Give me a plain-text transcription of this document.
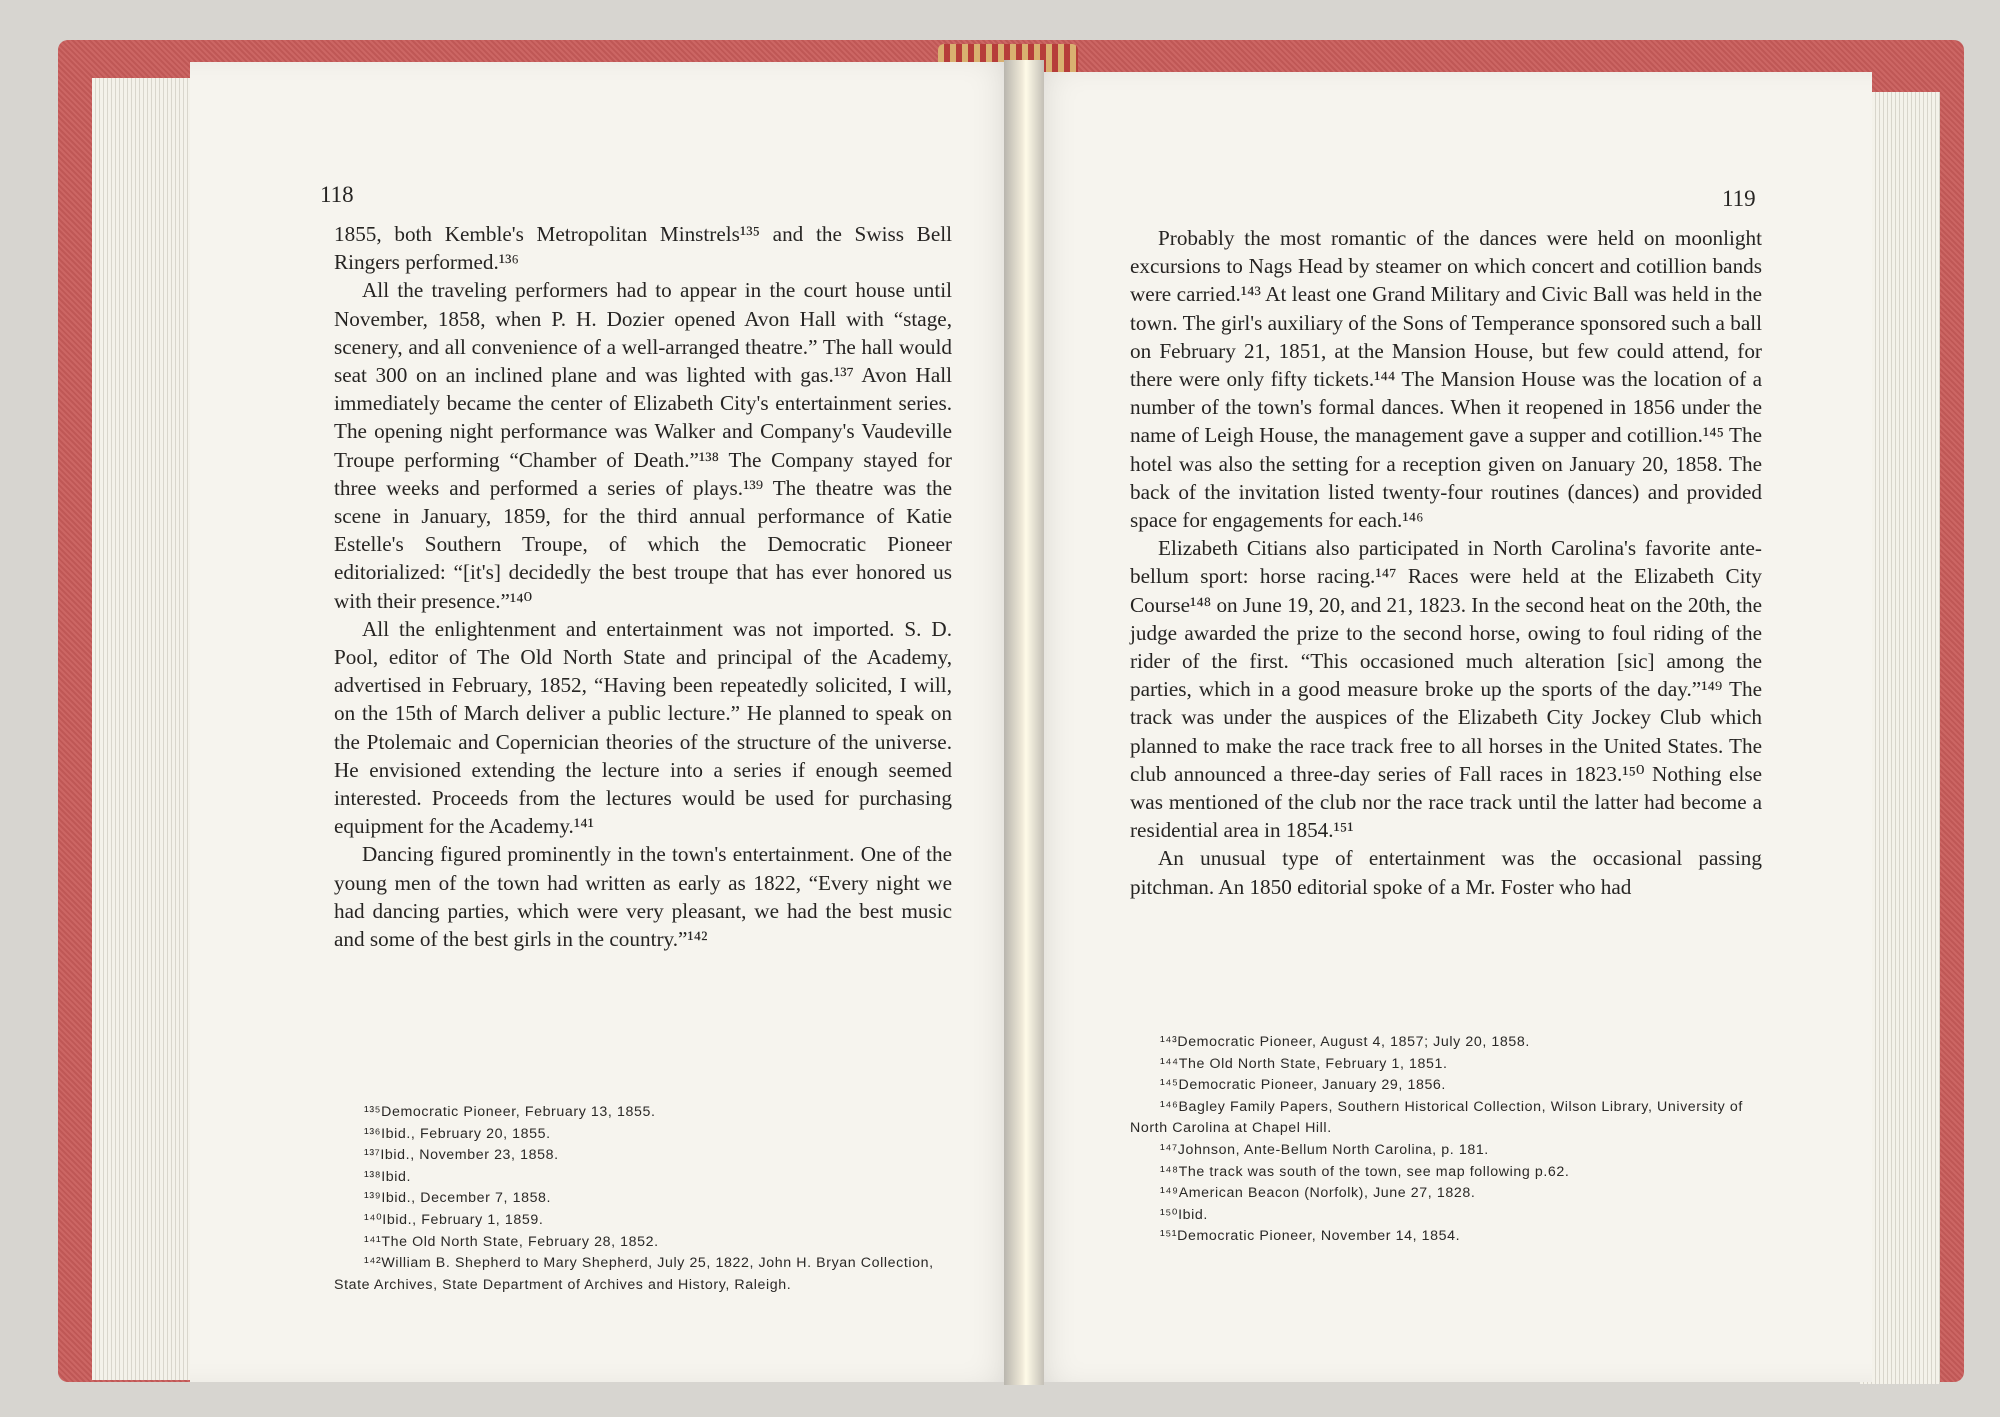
118

1855, both Kemble's Metropolitan Minstrels¹³⁵ and the Swiss Bell Ringers performed.¹³⁶

All the traveling performers had to appear in the court house until November, 1858, when P. H. Dozier opened Avon Hall with “stage, scenery, and all convenience of a well-arranged theatre.” The hall would seat 300 on an inclined plane and was lighted with gas.¹³⁷ Avon Hall immediately became the center of Elizabeth City's entertainment series. The opening night performance was Walker and Company's Vaudeville Troupe performing “Chamber of Death.”¹³⁸ The Company stayed for three weeks and performed a series of plays.¹³⁹ The theatre was the scene in January, 1859, for the third annual performance of Katie Estelle's Southern Troupe, of which the Democratic Pioneer editorialized: “[it's] decidedly the best troupe that has ever honored us with their presence.”¹⁴⁰

All the enlightenment and entertainment was not imported. S. D. Pool, editor of The Old North State and principal of the Academy, advertised in February, 1852, “Having been repeatedly solicited, I will, on the 15th of March deliver a public lecture.” He planned to speak on the Ptolemaic and Copernician theories of the structure of the universe. He envisioned extending the lecture into a series if enough seemed interested. Proceeds from the lectures would be used for purchasing equipment for the Academy.¹⁴¹

Dancing figured prominently in the town's entertainment. One of the young men of the town had written as early as 1822, “Every night we had dancing parties, which were very pleasant, we had the best music and some of the best girls in the country.”¹⁴²

¹³⁵Democratic Pioneer, February 13, 1855.
¹³⁶Ibid., February 20, 1855.
¹³⁷Ibid., November 23, 1858.
¹³⁸Ibid.
¹³⁹Ibid., December 7, 1858.
¹⁴⁰Ibid., February 1, 1859.
¹⁴¹The Old North State, February 28, 1852.
¹⁴²William B. Shepherd to Mary Shepherd, July 25, 1822, John H. Bryan Collection, State Archives, State Department of Archives and History, Raleigh.
119

Probably the most romantic of the dances were held on moonlight excursions to Nags Head by steamer on which concert and cotillion bands were carried.¹⁴³ At least one Grand Military and Civic Ball was held in the town. The girl's auxiliary of the Sons of Temperance sponsored such a ball on February 21, 1851, at the Mansion House, but few could attend, for there were only fifty tickets.¹⁴⁴ The Mansion House was the location of a number of the town's formal dances. When it reopened in 1856 under the name of Leigh House, the management gave a supper and cotillion.¹⁴⁵ The hotel was also the setting for a reception given on January 20, 1858. The back of the invitation listed twenty-four routines (dances) and provided space for engagements for each.¹⁴⁶

Elizabeth Citians also participated in North Carolina's favorite ante-bellum sport: horse racing.¹⁴⁷ Races were held at the Elizabeth City Course¹⁴⁸ on June 19, 20, and 21, 1823. In the second heat on the 20th, the judge awarded the prize to the second horse, owing to foul riding of the rider of the first. “This occasioned much alteration [sic] among the parties, which in a good measure broke up the sports of the day.”¹⁴⁹ The track was under the auspices of the Elizabeth City Jockey Club which planned to make the race track free to all horses in the United States. The club announced a three-day series of Fall races in 1823.¹⁵⁰ Nothing else was mentioned of the club nor the race track until the latter had become a residential area in 1854.¹⁵¹

An unusual type of entertainment was the occasional passing pitchman. An 1850 editorial spoke of a Mr. Foster who had

¹⁴³Democratic Pioneer, August 4, 1857; July 20, 1858.
¹⁴⁴The Old North State, February 1, 1851.
¹⁴⁵Democratic Pioneer, January 29, 1856.
¹⁴⁶Bagley Family Papers, Southern Historical Collection, Wilson Library, University of North Carolina at Chapel Hill.
¹⁴⁷Johnson, Ante-Bellum North Carolina, p. 181.
¹⁴⁸The track was south of the town, see map following p.62.
¹⁴⁹American Beacon (Norfolk), June 27, 1828.
¹⁵⁰Ibid.
¹⁵¹Democratic Pioneer, November 14, 1854.
